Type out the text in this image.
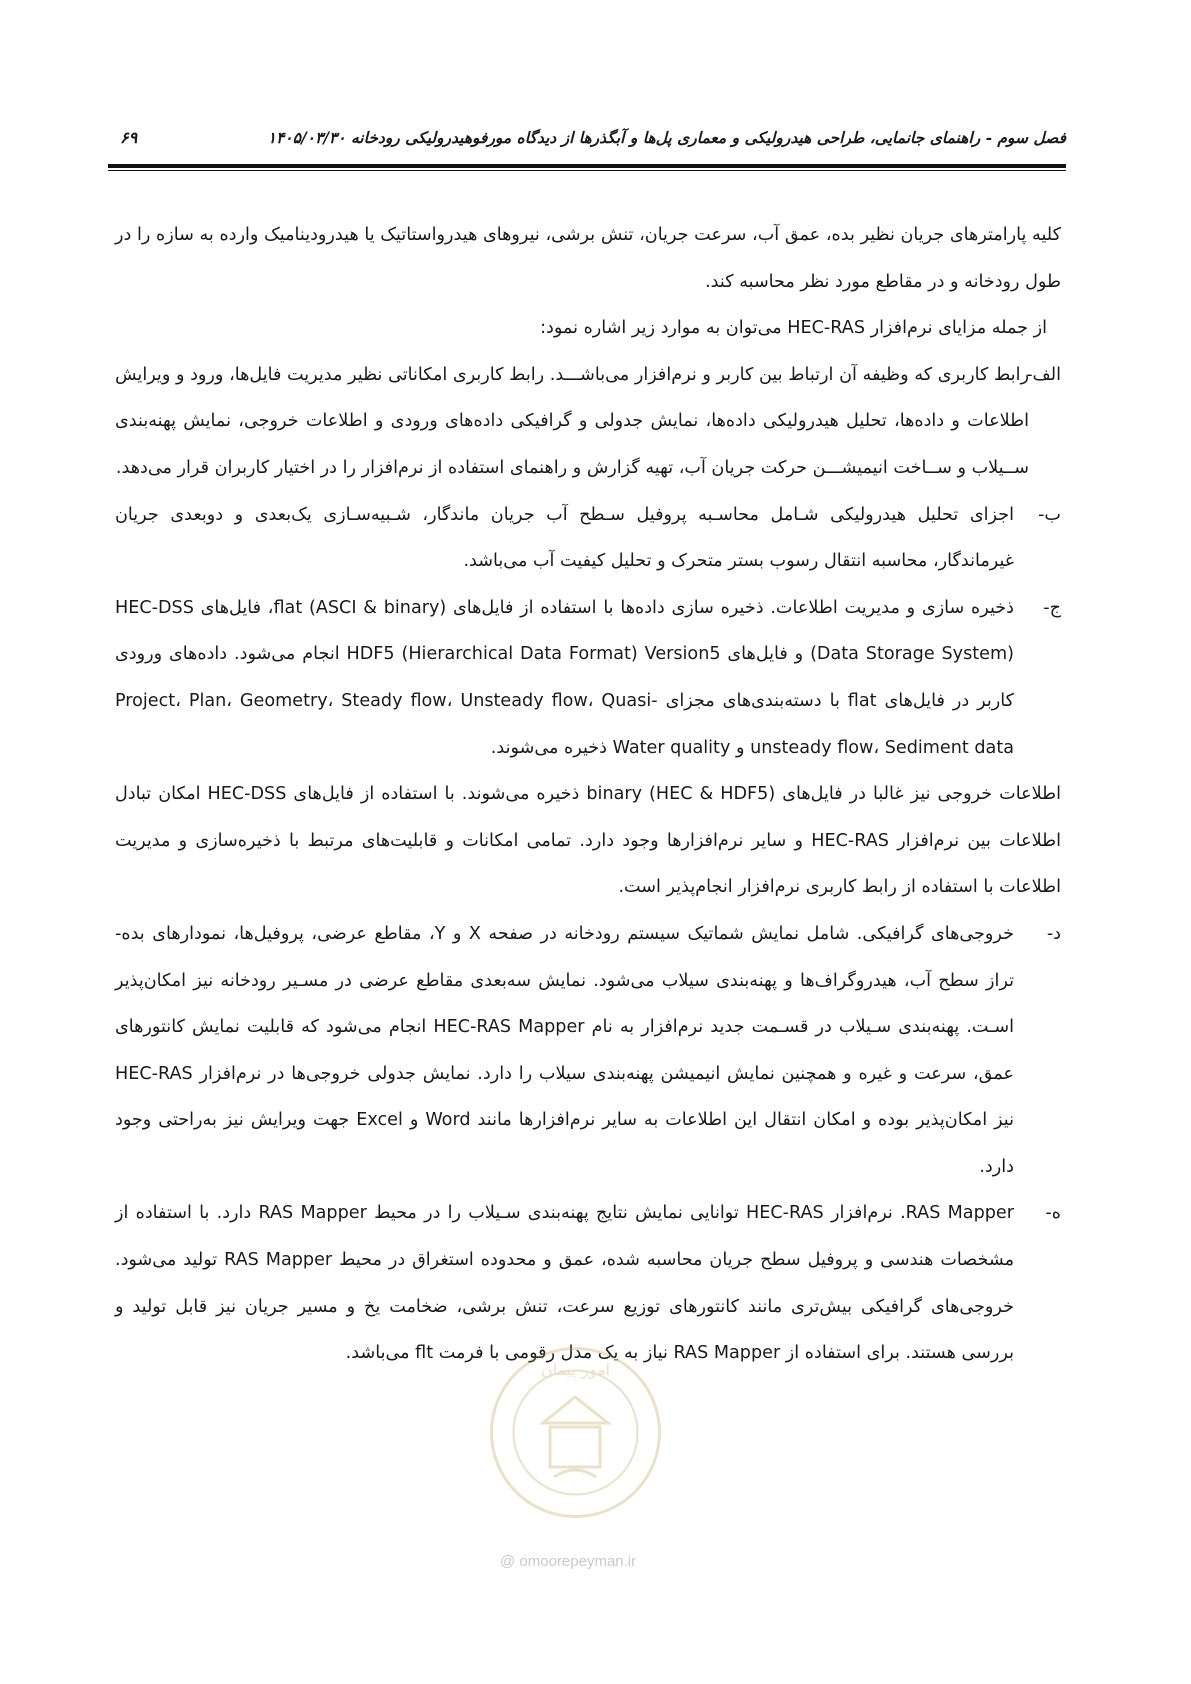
فصل سوم - راهنمای جانمایی، طراحی هیدرولیکی و معماری پل‌ها و آبگذرها از دیدگاه مورفوهیدرولیکی رودخانه ۱۴۰۵/۰۳/۳۰
۶۹

کلیه پارامترهای جریان نظیر بده، عمق آب، سرعت جریان، تنش برشی، نیروهای هیدرواستاتیک یا هیدرودینامیک وارده به سازه را در طول رودخانه و در مقاطع مورد نظر محاسبه کند.

از جمله مزایای نرم‌افزار HEC-RAS می‌توان به موارد زیر اشاره نمود:

الف-
رابط کاربری که وظیفه آن ارتباط بین کاربر و نرم‌افزار می‌باشـــد. رابط کاربری امکاناتی نظیر مدیریت فایل‌ها، ورود و ویرایش اطلاعات و داده‌ها، تحلیل هیدرولیکی داده‌ها، نمایش جدولی و گرافیکی داده‌های ورودی و اطلاعات خروجی، نمایش پهنه‌بندی ســیلاب و ســاخت انیمیشـــن حرکت جریان آب، تهیه گزارش و راهنمای استفاده از نرم‌افزار را در اختیار کاربران قرار می‌دهد.
ب-
اجزای تحلیل هیدرولیکی شـامل محاسـبه پروفیل سـطح آب جریان ماندگار، شـبیه‌سـازی یک‌بعدی و دوبعدی جریان غیرماندگار، محاسبه انتقال رسوب بستر متحرک و تحلیل کیفیت آب می‌باشد.
ج-
ذخیره سازی و مدیریت اطلاعات. ذخیره سازی داده‌ها با استفاده از فایل‌های flat (ASCI & binary)، فایل‌های HEC-DSS (Data Storage System) و فایل‌های HDF5 (Hierarchical Data Format) Version5 انجام می‌شود. داده‌های ورودی کاربر در فایل‌های flat با دسته‌بندی‌های مجزای Project، Plan، Geometry، Steady flow، Unsteady flow، Quasi-unsteady flow، Sediment data و Water quality ذخیره می‌شوند.

اطلاعات خروجی نیز غالبا در فایل‌های binary (HEC & HDF5) ذخیره می‌شوند. با استفاده از فایل‌های HEC-DSS امکان تبادل اطلاعات بین نرم‌افزار HEC-RAS و سایر نرم‌افزارها وجود دارد. تمامی امکانات و قابلیت‌های مرتبط با ذخیره‌سازی و مدیریت اطلاعات با استفاده از رابط کاربری نرم‌افزار انجام‌پذیر است.

د-
خروجی‌های گرافیکی. شامل نمایش شماتیک سیستم رودخانه در صفحه X و Y، مقاطع عرضی، پروفیل‌ها، نمودارهای بده- تراز سطح آب، هیدروگراف‌ها و پهنه‌بندی سیلاب می‌شود. نمایش سه‌بعدی مقاطع عرضی در مسـیر رودخانه نیز امکان‌پذیر اسـت. پهنه‌بندی سـیلاب در قسـمت جدید نرم‌افزار به نام HEC-RAS Mapper انجام می‌شود که قابلیت نمایش کانتورهای عمق، سرعت و غیره و همچنین نمایش انیمیشن پهنه‌بندی سیلاب را دارد. نمایش جدولی خروجی‌ها در نرم‌افزار HEC-RAS نیز امکان‌پذیر بوده و امکان انتقال این اطلاعات به سایر نرم‌افزارها مانند Word و Excel جهت ویرایش نیز به‌راحتی وجود دارد.
ه-
RAS Mapper. نرم‌افزار HEC-RAS توانایی نمایش نتایج پهنه‌بندی سـیلاب را در محیط RAS Mapper دارد. با استفاده از مشخصات هندسی و پروفیل سطح جریان محاسبه شده، عمق و محدوده استغراق در محیط RAS Mapper تولید می‌شود. خروجی‌های گرافیکی بیش‌تری مانند کانتورهای توزیع سرعت، تنش برشی، ضخامت یخ و مسیر جریان نیز قابل تولید و بررسی هستند. برای استفاده از RAS Mapper نیاز به یک مدل رقومی با فرمت flt می‌باشد.
امور پیمان
@ omoorepeyman.ir
